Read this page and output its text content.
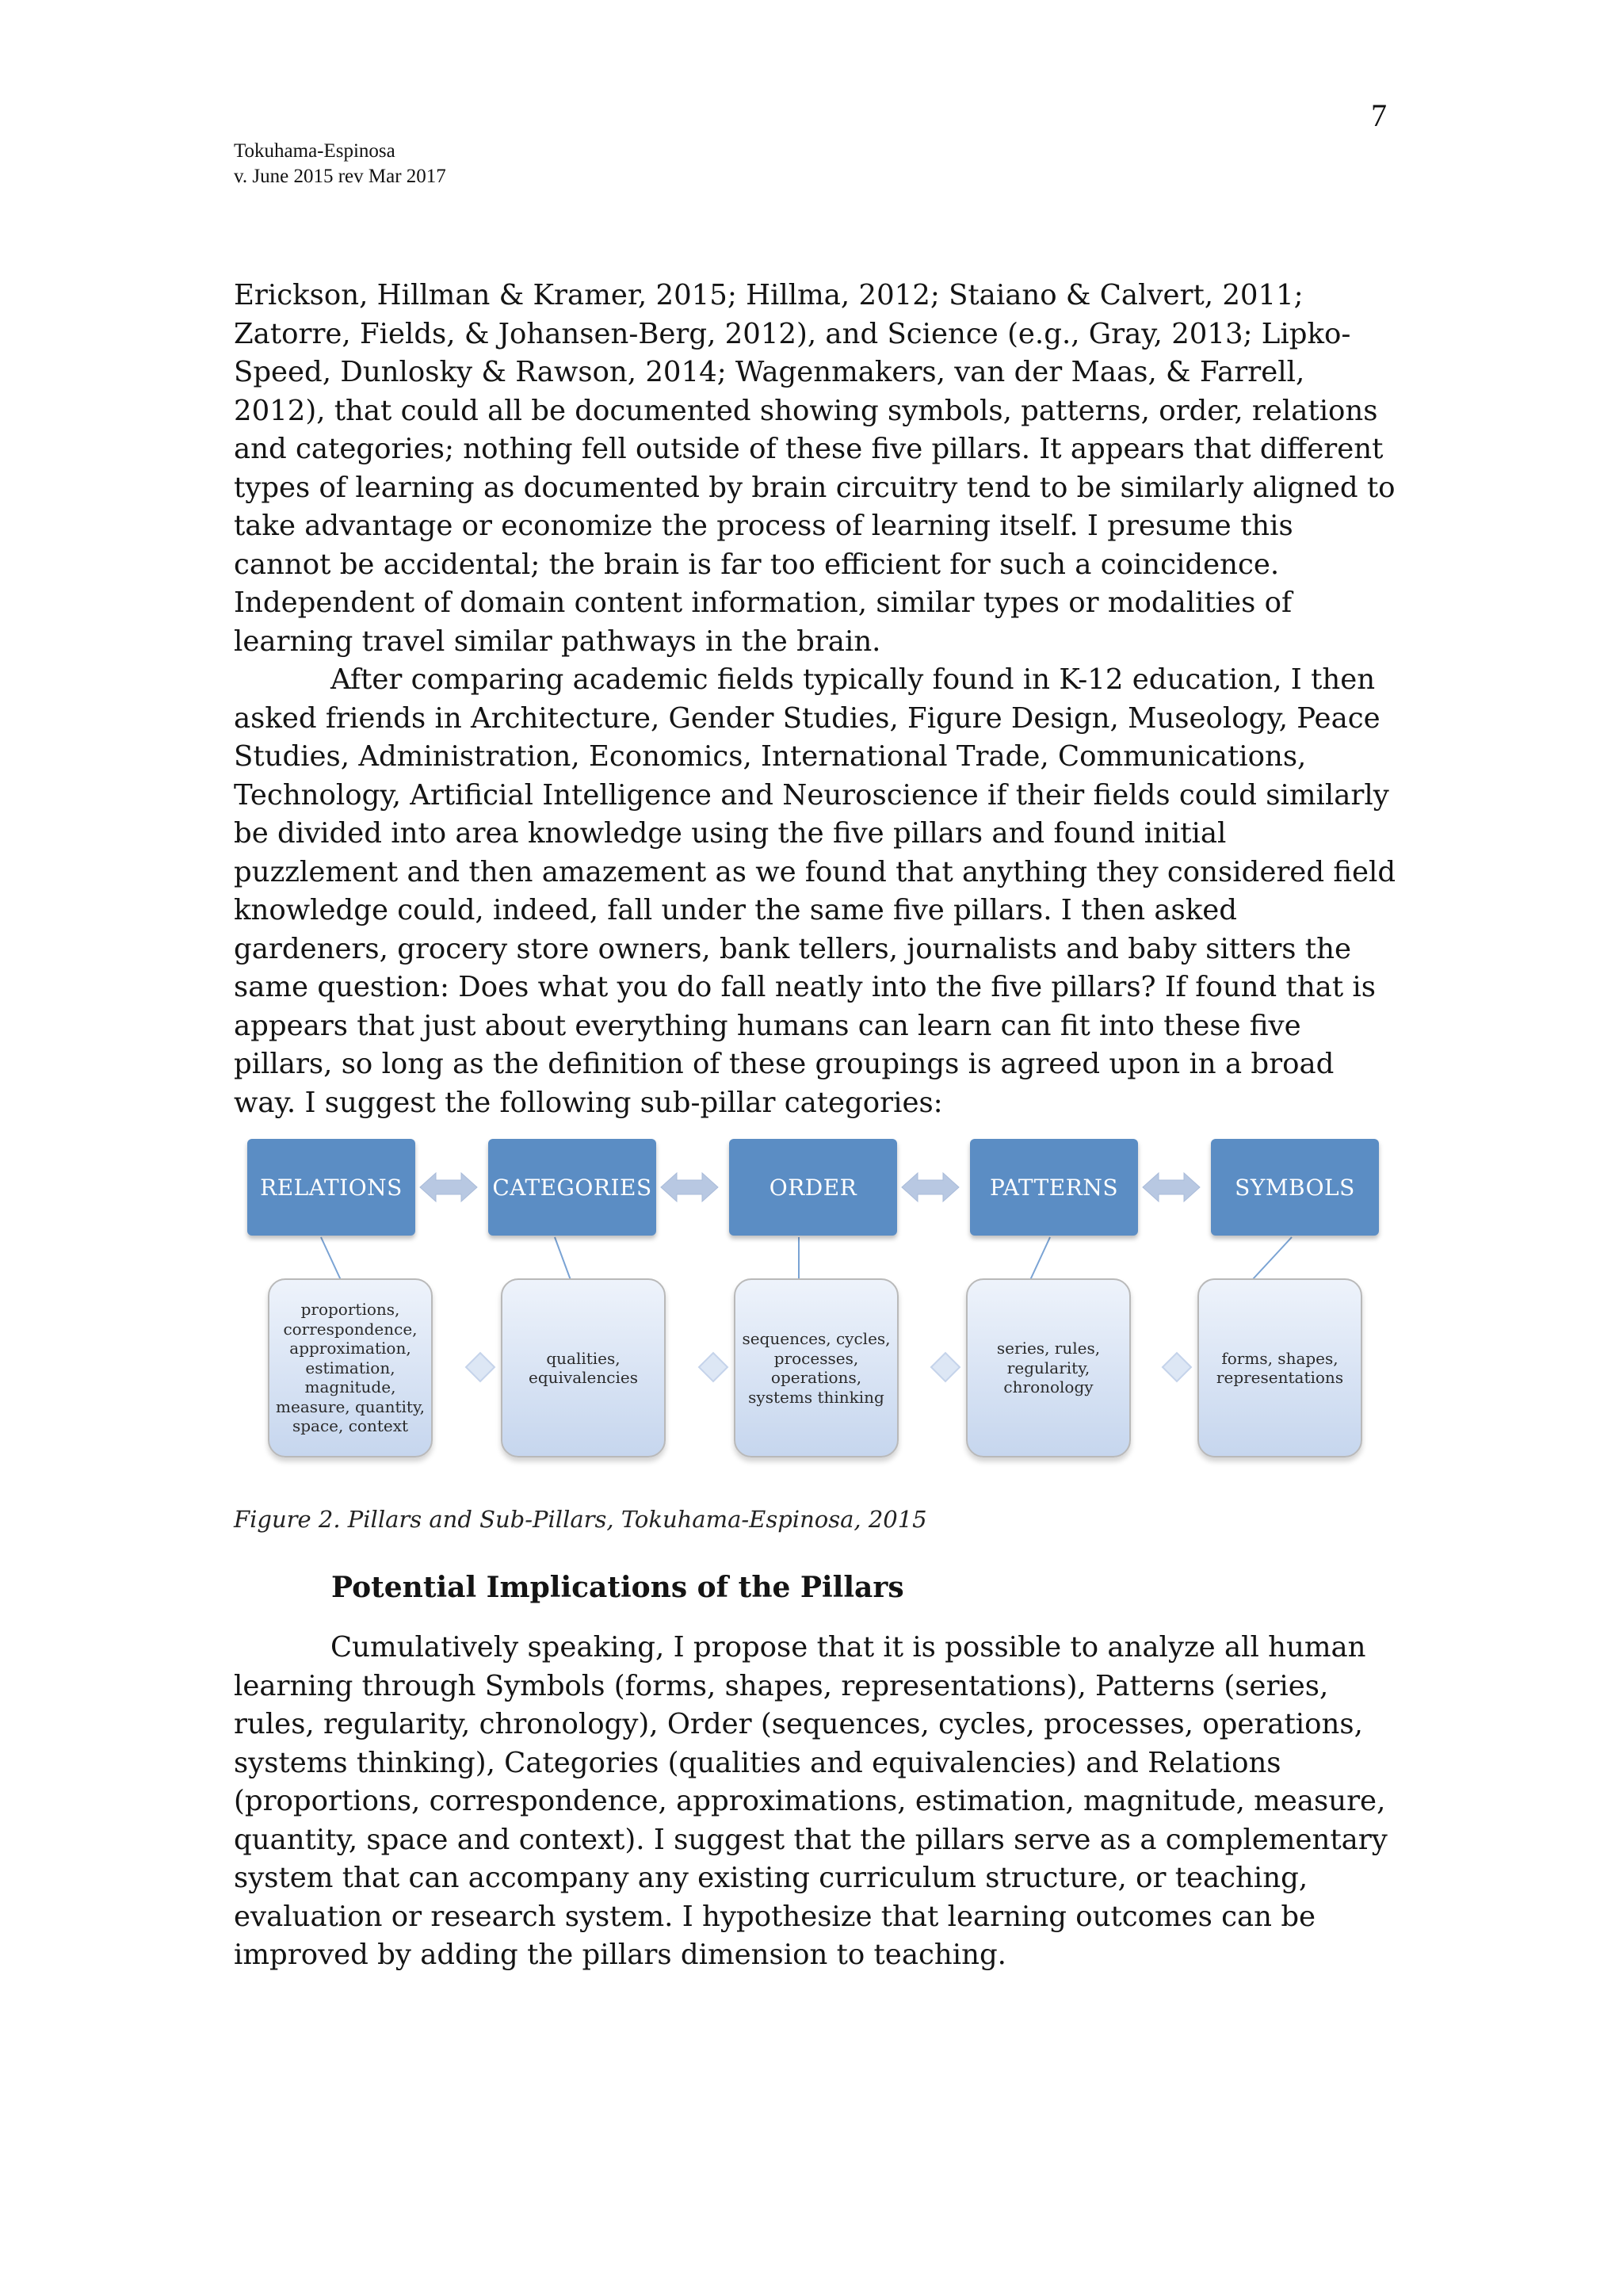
7
Tokuhama-Espinosa
v. June 2015 rev Mar 2017

Erickson, Hillman & Kramer, 2015; Hillma, 2012; Staiano & Calvert, 2011; Zatorre, Fields, & Johansen-Berg, 2012), and Science (e.g., Gray, 2013; Lipko-Speed, Dunlosky & Rawson, 2014; Wagenmakers, van der Maas, & Farrell, 2012), that could all be documented showing symbols, patterns, order, relations and categories; nothing fell outside of these five pillars. It appears that different types of learning as documented by brain circuitry tend to be similarly aligned to take advantage or economize the process of learning itself. I presume this cannot be accidental; the brain is far too efficient for such a coincidence. Independent of domain content information, similar types or modalities of learning travel similar pathways in the brain.

After comparing academic fields typically found in K-12 education, I then asked friends in Architecture, Gender Studies, Figure Design, Museology, Peace Studies, Administration, Economics, International Trade, Communications, Technology, Artificial Intelligence and Neuroscience if their fields could similarly be divided into area knowledge using the five pillars and found initial puzzlement and then amazement as we found that anything they considered field knowledge could, indeed, fall under the same five pillars. I then asked gardeners, grocery store owners, bank tellers, journalists and baby sitters the same question: Does what you do fall neatly into the five pillars? If found that is appears that just about everything humans can learn can fit into these five pillars, so long as the definition of these groupings is agreed upon in a broad way. I suggest the following sub-pillar categories:

RELATIONS	CATEGORIES	ORDER	PATTERNS	SYMBOLS
proportions, correspondence, approximation, estimation, magnitude, measure, quantity, space, context
qualities, equivalencies
sequences, cycles, processes, operations, systems thinking
series, rules, regularity, chronology
forms, shapes, representations
Figure 2. Pillars and Sub-Pillars, Tokuhama-Espinosa, 2015
Potential Implications of the Pillars

Cumulatively speaking, I propose that it is possible to analyze all human learning through Symbols (forms, shapes, representations), Patterns (series, rules, regularity, chronology), Order (sequences, cycles, processes, operations, systems thinking), Categories (qualities and equivalencies) and Relations (proportions, correspondence, approximations, estimation, magnitude, measure, quantity, space and context). I suggest that the pillars serve as a complementary system that can accompany any existing curriculum structure, or teaching, evaluation or research system. I hypothesize that learning outcomes can be improved by adding the pillars dimension to teaching.
